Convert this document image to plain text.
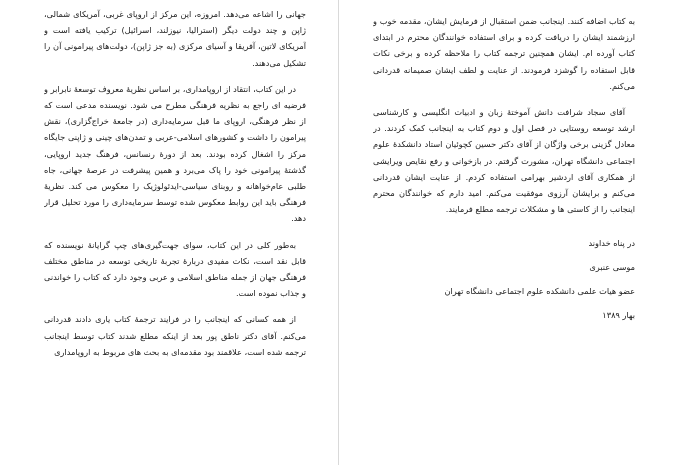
جهانی را اشاعه می‌دهد. امروزه، این مرکز از اروپای غربی، آمریکای شمالی، ژاپن و چند دولت دیگر (استرالیا، نیوزلند، اسرائیل) ترکیب یافته است و آمریکای لاتین، آفریقا و آسیای مرکزی (به جز ژاپن)، دولت‌های پیرامونی آن را تشکیل می‌دهند.

در این کتاب، انتقاد از اروپامداری، بر اساس نظریهٔ معروف توسعهٔ نابرابر و فرضیه ای راجع به نظریه فرهنگی مطرح می شود. نویسنده مدعی است که از نظر فرهنگی، اروپای ما قبل سرمایه‌داری (در جامعهٔ خراج‌گزاری)، نقش پیرامون را داشت و کشورهای اسلامی-عربی و تمدن‌های چینی و ژاپنی جایگاه مرکز را اشغال کرده بودند. بعد از دورهٔ رنسانس، فرهنگ جدید اروپایی، گذشتهٔ پیرامونی خود را پاک می‌برد و همین پیشرفت در عرصهٔ جهانی، جاه طلبی عام‌خواهانه و روبنای سیاسی-ایدئولوژیک را معکوس می کند. نظریهٔ فرهنگی باید این روابط معکوس شده توسط سرمایه‌داری را مورد تحلیل قرار دهد.

به‌طور کلی در این کتاب، سوای جهت‌گیری‌های چپ گرایانهٔ نویسنده که قابل نقد است، نکات مفیدی دربارهٔ تجربهٔ تاریخی توسعه در مناطق مختلف فرهنگی جهان از جمله مناطق اسلامی و عربی وجود دارد که کتاب را خواندنی و جذاب نموده است.

از همه کسانی که اینجانب را در فرایند ترجمهٔ کتاب یاری دادند قدردانی می‌کنم. آقای دکتر ناطق پور بعد از اینکه مطلع شدند کتاب توسط اینجانب ترجمه شده است، علاقمند بود مقدمه‌ای به بحث های مربوط به اروپامداری

به کتاب اضافه کنند. اینجانب ضمن استقبال از فرمایش ایشان، مقدمه خوب و ارزشمند ایشان را دریافت کرده و برای استفاده خوانندگان محترم در ابتدای کتاب آورده ام. ایشان همچنین ترجمه کتاب را ملاحظه کرده و برخی نکات قابل استفاده را گوشزد فرمودند. از عنایت و لطف ایشان صمیمانه قدردانی می‌کنم.

آقای سجاد شرافت دانش آموختهٔ زبان و ادبیات انگلیسی و کارشناسی ارشد توسعه روستایی در فصل اول و دوم کتاب به اینجانب کمک کردند. در معادل گزینی برخی واژگان از آقای دکتر حسین کچوئیان استاد دانشکدهٔ علوم اجتماعی دانشگاه تهران، مشورت گرفتم. در بازخوانی و رفع نقایص ویرایشی از همکاری آقای اردشیر بهرامی استفاده کردم. از عنایت ایشان قدردانی می‌کنم و برایشان آرزوی موفقیت می‌کنم. امید دارم که خوانندگان محترم اینجانب را از کاستی ها و مشکلات ترجمه مطلع فرمایند.

در پناه خداوند
موسی عنبری
عضو هیات علمی دانشکده علوم اجتماعی دانشگاه تهران
بهار ۱۳۸۹
